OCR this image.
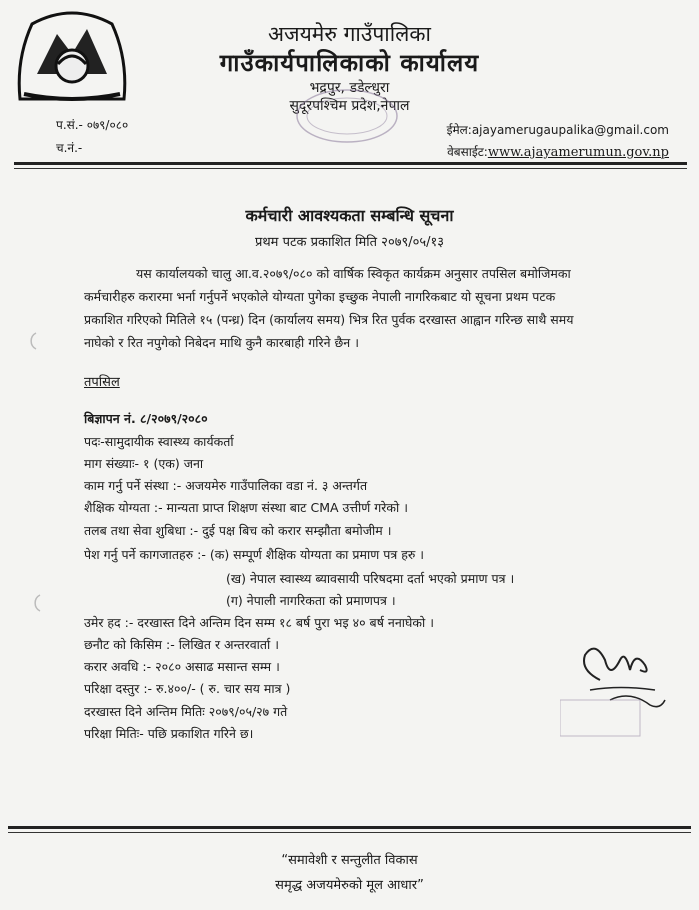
अजयमेरु गाउँपालिका
गाउँकार्यपालिकाको कार्यालय
भद्रपुर, डडेल्धुरा
सुदूरपश्चिम प्रदेश,नेपाल
प.सं.- ०७९/०८०
च.नं.-
ईमेल:ajayamerugaupalika@gmail.com
वेबसाईट:www.ajayamerumun.gov.np
कर्मचारी आवश्यकता सम्बन्धि सूचना
प्रथम पटक प्रकाशित मिति २०७९/०५/१३
यस कार्यालयको चालु आ.व.२०७९/०८० को वार्षिक स्विकृत कार्यक्रम अनुसार तपसिल बमोजिमका
कर्मचारीहरु करारमा भर्ना गर्नुपर्ने भएकोले योग्यता पुगेका इच्छुक नेपाली नागरिकबाट यो सूचना प्रथम पटक
प्रकाशित गरिएको मितिले १५ (पन्ध्र) दिन (कार्यालय समय) भित्र रित पुर्वक दरखास्त आह्वान गरिन्छ साथै समय
नाघेको र रित नपुगेको निबेदन माथि कुनै कारबाही गरिने छैन ।
तपसिल
बिज्ञापन नं. ८/२०७९/२०८०
पदः-सामुदायीक स्वास्थ्य कार्यकर्ता
माग संख्याः- १ (एक) जना
काम गर्नु पर्ने संस्था :- अजयमेरु गाउँपालिका वडा नं. ३ अन्तर्गत
शैक्षिक योग्यता :- मान्यता प्राप्त शिक्षण संस्था बाट CMA उत्तीर्ण गरेको ।
तलब तथा सेवा शुबिधा :- दुई पक्ष बिच को करार सम्झौता बमोजीम ।
पेश गर्नु पर्ने कागजातहरु :- (क) सम्पूर्ण शैक्षिक योग्यता का प्रमाण पत्र हरु ।
(ख) नेपाल स्वास्थ्य ब्यावसायी परिषदमा दर्ता भएको प्रमाण पत्र ।
(ग) नेपाली नागरिकता को प्रमाणपत्र ।
उमेर हद :- दरखास्त दिने अन्तिम दिन सम्म १८ बर्ष पुरा भइ ४० बर्ष ननाघेको ।
छनौट को किसिम :- लिखित र अन्तरवार्ता ।
करार अवधि :- २०८० असाढ मसान्त सम्म ।
परिक्षा दस्तुर :- रु.४००/- ( रु. चार सय मात्र )
दरखास्त दिने अन्तिम मितिः २०७९/०५/२७ गते
परिक्षा मितिः- पछि प्रकाशित गरिने छ।
“समावेशी र सन्तुलीत विकास
समृद्ध अजयमेरुको मूल आधार”
